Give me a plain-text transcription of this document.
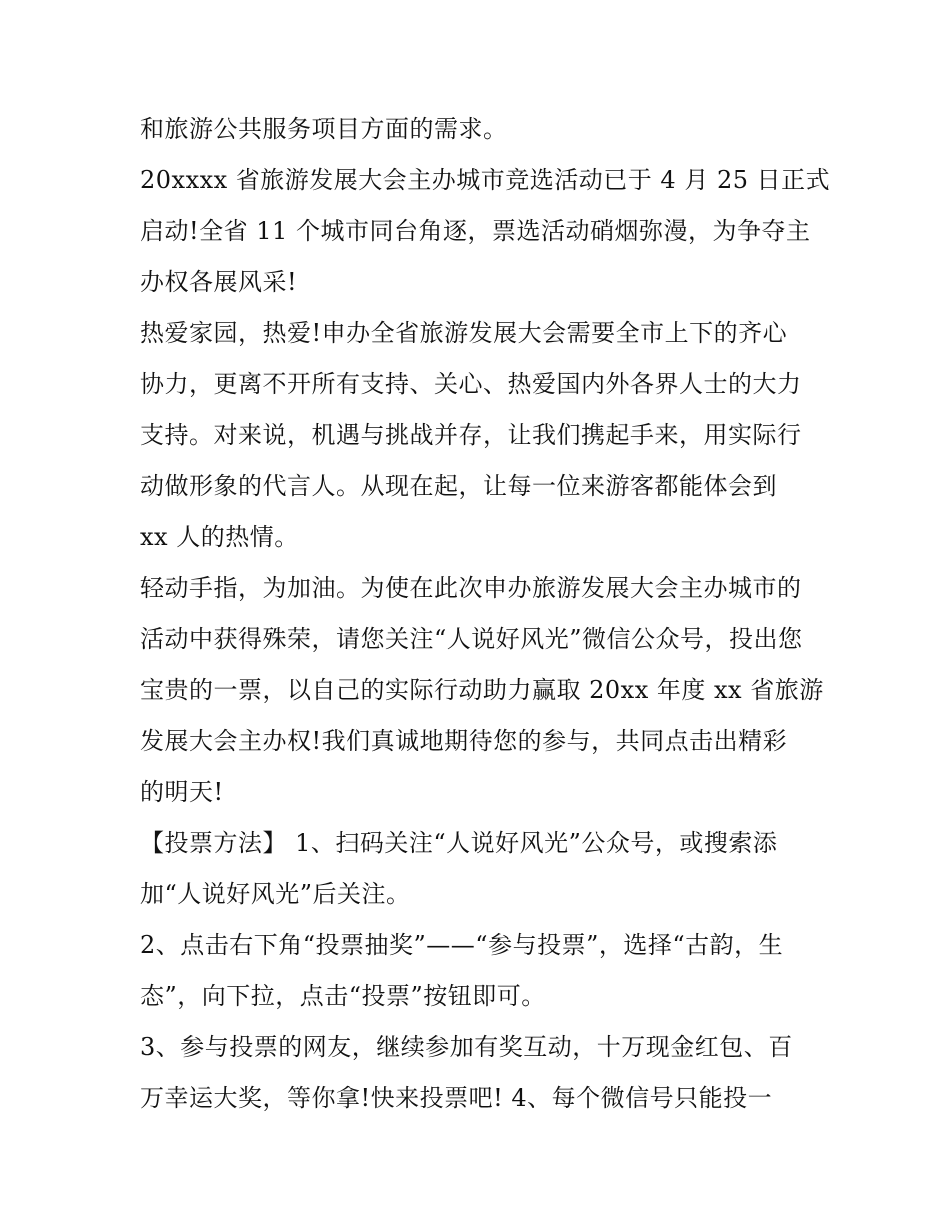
和旅游公共服务项目方面的需求。
20xxxx 省旅游发展大会主办城市竞选活动已于 4 月 25 日正式
启动!全省 11 个城市同台角逐，票选活动硝烟弥漫，为争夺主
办权各展风采!
热爱家园，热爱!申办全省旅游发展大会需要全市上下的齐心
协力，更离不开所有支持、关心、热爱国内外各界人士的大力
支持。对来说，机遇与挑战并存，让我们携起手来，用实际行
动做形象的代言人。从现在起，让每一位来游客都能体会到
xx 人的热情。
轻动手指，为加油。为使在此次申办旅游发展大会主办城市的
活动中获得殊荣，请您关注“人说好风光”微信公众号，投出您
宝贵的一票，以自己的实际行动助力赢取 20xx 年度 xx 省旅游
发展大会主办权!我们真诚地期待您的参与，共同点击出精彩
的明天!
【投票方法】 1、扫码关注“人说好风光”公众号，或搜索添
加“人说好风光”后关注。
2、点击右下角“投票抽奖”——“参与投票”，选择“古韵，生
态”，向下拉，点击“投票”按钮即可。
3、参与投票的网友，继续参加有奖互动，十万现金红包、百
万幸运大奖，等你拿!快来投票吧! 4、每个微信号只能投一
